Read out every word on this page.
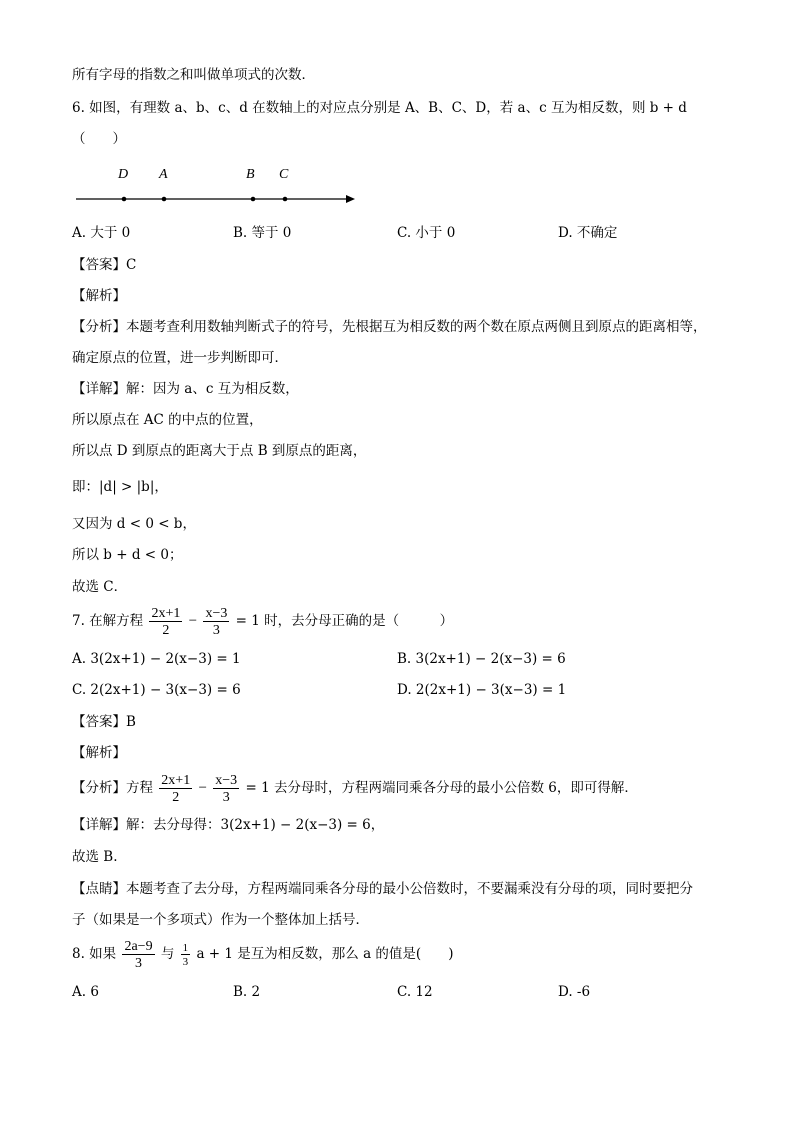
所有字母的指数之和叫做单项式的次数．
6. 如图，有理数 a、b、c、d 在数轴上的对应点分别是 A、B、C、D，若 a、c 互为相反数，则 b + d
（　　）
D A	B C
A. 大于 0	B. 等于 0	C. 小于 0	D. 不确定
【答案】C
【解析】
【分析】本题考查利用数轴判断式子的符号，先根据互为相反数的两个数在原点两侧且到原点的距离相等，
确定原点的位置，进一步判断即可．
【详解】解：因为 a、c 互为相反数，
所以原点在 AC 的中点的位置，
所以点 D 到原点的距离大于点 B 到原点的距离，
即：|d| > |b|，
又因为 d < 0 < b，
所以 b + d < 0；
故选 C．
7. 在解方程 $\frac{2x+1}{2} - \frac{x-3}{3} = 1$ 时，去分母正确的是（　　　）
A. 3(2x+1) − 2(x−3) = 1	B. 3(2x+1) − 2(x−3) = 6
C. 2(2x+1) − 3(x−3) = 6	D. 2(2x+1) − 3(x−3) = 1
【答案】B
【解析】
【分析】方程 $\frac{2x+1}{2} - \frac{x-3}{3} = 1$ 去分母时，方程两端同乘各分母的最小公倍数 6，即可得解．
【详解】解：去分母得：3(2x+1) − 2(x−3) = 6，
故选 B.
【点睛】本题考查了去分母，方程两端同乘各分母的最小公倍数时，不要漏乘没有分母的项，同时要把分
子（如果是一个多项式）作为一个整体加上括号．
8. 如果 $\frac{2a-9}{3}$ 与 $\frac{1}{3}$ a + 1 是互为相反数，那么 a 的值是(　　)
A. 6	B. 2	C. 12	D. -6
